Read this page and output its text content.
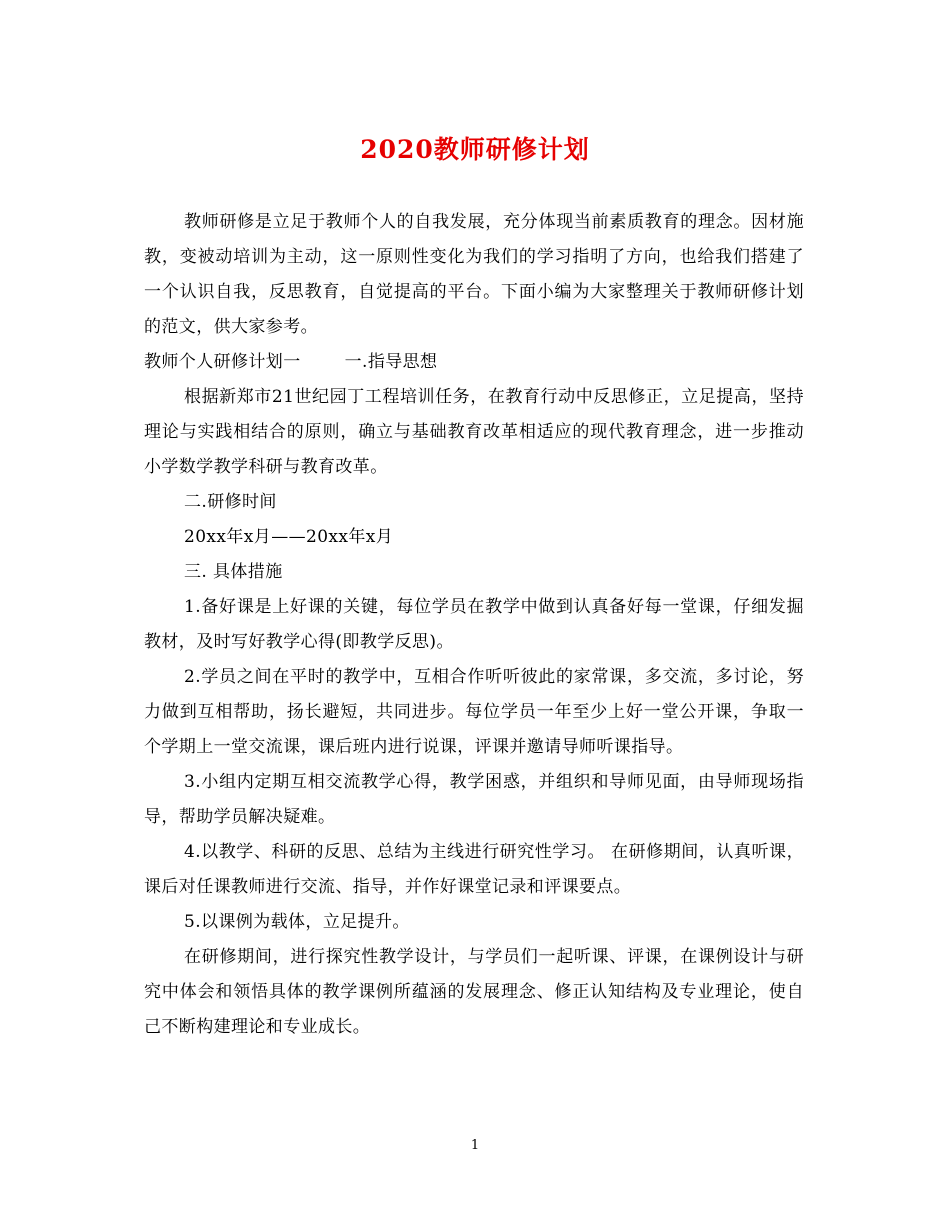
2020教师研修计划

教师研修是立足于教师个人的自我发展，充分体现当前素质教育的理念。因材施教，变被动培训为主动，这一原则性变化为我们的学习指明了方向，也给我们搭建了一个认识自我，反思教育，自觉提高的平台。下面小编为大家整理关于教师研修计划的范文，供大家参考。

教师个人研修计划一	一.指导思想

根据新郑市21世纪园丁工程培训任务，在教育行动中反思修正，立足提高，坚持理论与实践相结合的原则，确立与基础教育改革相适应的现代教育理念，进一步推动小学数学教学科研与教育改革。

二.研修时间

20xx年x月——20xx年x月

三. 具体措施

1.备好课是上好课的关键，每位学员在教学中做到认真备好每一堂课，仔细发掘教材，及时写好教学心得(即教学反思)。

2.学员之间在平时的教学中，互相合作听听彼此的家常课，多交流，多讨论，努力做到互相帮助，扬长避短，共同进步。每位学员一年至少上好一堂公开课，争取一个学期上一堂交流课，课后班内进行说课，评课并邀请导师听课指导。

3.小组内定期互相交流教学心得，教学困惑，并组织和导师见面，由导师现场指导，帮助学员解决疑难。

4.以教学、科研的反思、总结为主线进行研究性学习。 在研修期间，认真听课，课后对任课教师进行交流、指导，并作好课堂记录和评课要点。

5.以课例为载体，立足提升。

在研修期间，进行探究性教学设计，与学员们一起听课、评课，在课例设计与研究中体会和领悟具体的教学课例所蕴涵的发展理念、修正认知结构及专业理论，使自己不断构建理论和专业成长。

1
